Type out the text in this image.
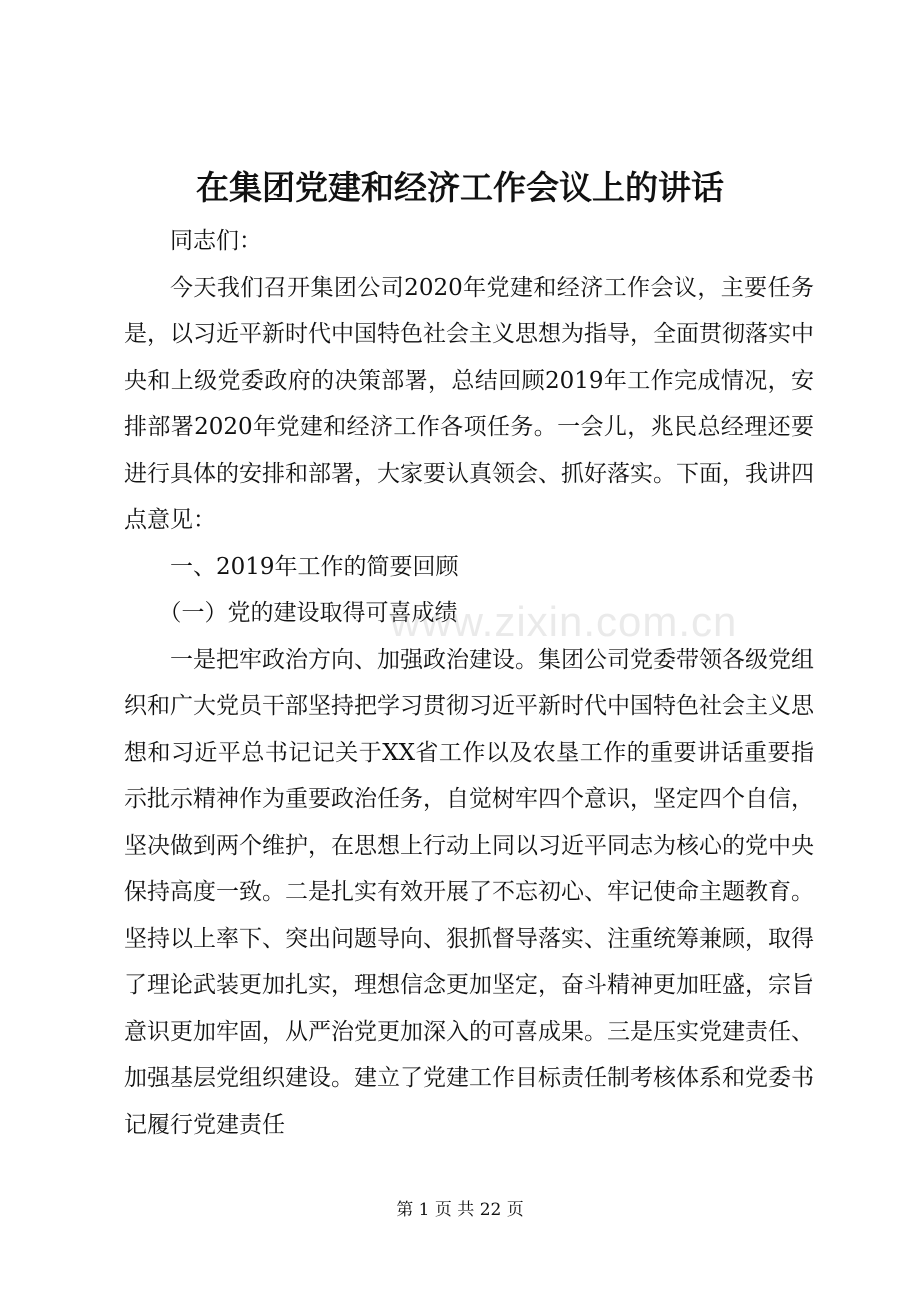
在集团党建和经济工作会议上的讲话

同志们：

今天我们召开集团公司2020年党建和经济工作会议，主要任务是，以习近平新时代中国特色社会主义思想为指导，全面贯彻落实中央和上级党委政府的决策部署，总结回顾2019年工作完成情况，安排部署2020年党建和经济工作各项任务。一会儿，兆民总经理还要进行具体的安排和部署，大家要认真领会、抓好落实。下面，我讲四点意见：

一、2019年工作的简要回顾

（一）党的建设取得可喜成绩

一是把牢政治方向、加强政治建设。集团公司党委带领各级党组织和广大党员干部坚持把学习贯彻习近平新时代中国特色社会主义思想和习近平总书记记关于XX省工作以及农垦工作的重要讲话重要指示批示精神作为重要政治任务，自觉树牢四个意识，坚定四个自信，坚决做到两个维护，在思想上行动上同以习近平同志为核心的党中央保持高度一致。二是扎实有效开展了不忘初心、牢记使命主题教育。坚持以上率下、突出问题导向、狠抓督导落实、注重统筹兼顾，取得了理论武装更加扎实，理想信念更加坚定，奋斗精神更加旺盛，宗旨意识更加牢固，从严治党更加深入的可喜成果。三是压实党建责任、加强基层党组织建设。建立了党建工作目标责任制考核体系和党委书记履行党建责任

www.zixin.com.cn
第 1 页 共 22 页
